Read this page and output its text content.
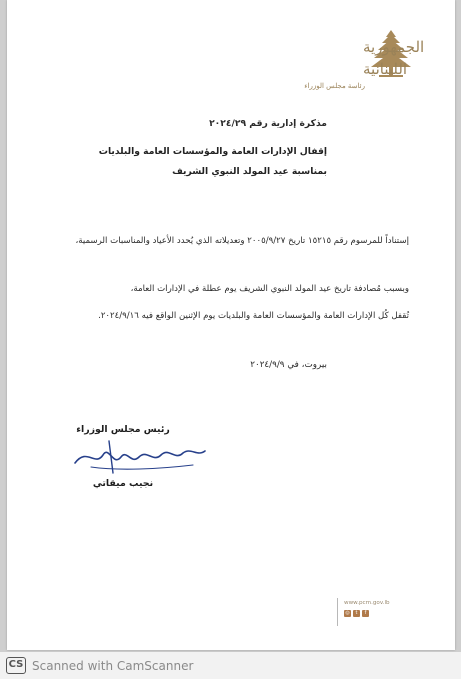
الجمهورية
اللبنانية
رئاسة مجلس الوزراء
مذكرة إدارية رقم ٢٠٢٤/٢٩
إقفال الإدارات العامة والمؤسسات العامة والبلديات
بمناسبة عيد المولد النبوي الشريف
إستناداً للمرسوم رقم ١٥٢١٥ تاريخ ٢٠٠٥/٩/٢٧ وتعديلاته الذي يُحدد الأعياد والمناسبات الرسمية،
وبسبب مُصادفة تاريخ عيد المولد النبوي الشريف يوم عطلة في الإدارات العامة،
تُقفل كُل الإدارات العامة والمؤسسات العامة والبلديات يوم الإثنين الواقع فيه ٢٠٢٤/٩/١٦.
بيروت، في ٢٠٢٤/٩/٩
رئيس مجلس الوزراء
نجيب ميقاتي
www.pcm.gov.lb
◎	t	f
CS Scanned with CamScanner
